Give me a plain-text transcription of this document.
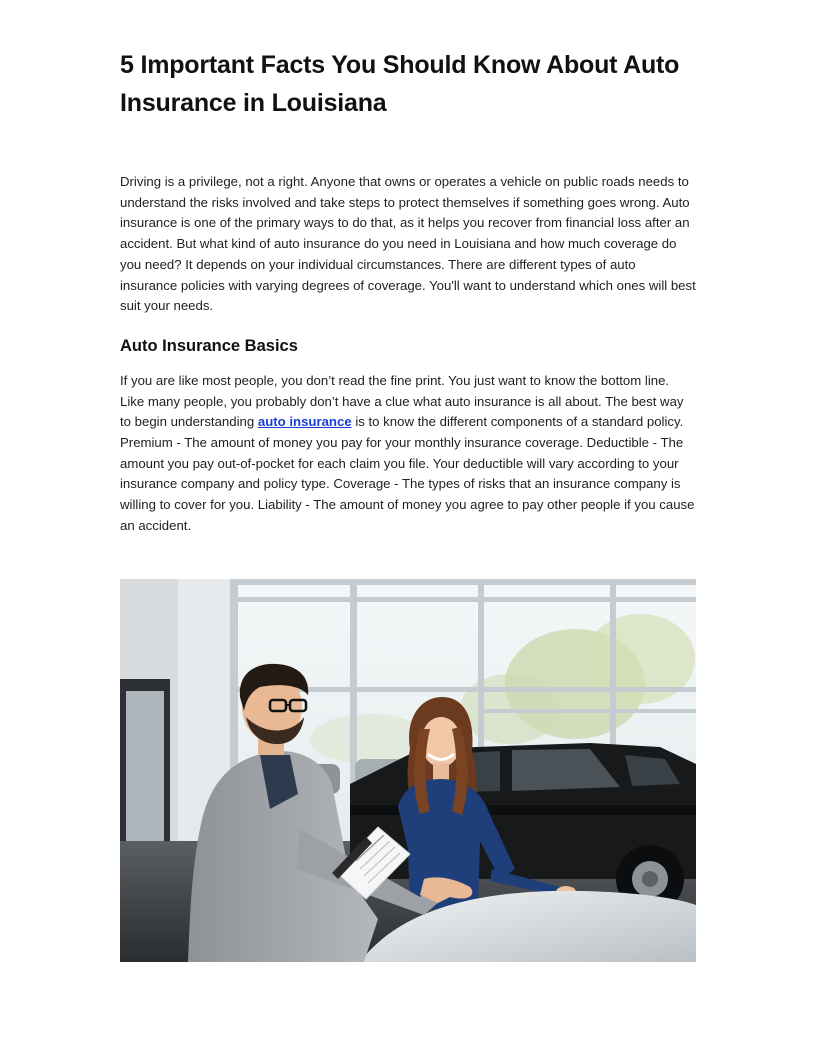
5 Important Facts You Should Know About Auto Insurance in Louisiana

Driving is a privilege, not a right. Anyone that owns or operates a vehicle on public roads needs to understand the risks involved and take steps to protect themselves if something goes wrong. Auto insurance is one of the primary ways to do that, as it helps you recover from financial loss after an accident. But what kind of auto insurance do you need in Louisiana and how much coverage do you need? It depends on your individual circumstances. There are different types of auto insurance policies with varying degrees of coverage. You'll want to understand which ones will best suit your needs.

Auto Insurance Basics

If you are like most people, you don’t read the fine print. You just want to know the bottom line. Like many people, you probably don’t have a clue what auto insurance is all about. The best way to begin understanding auto insurance is to know the different components of a standard policy. Premium - The amount of money you pay for your monthly insurance coverage. Deductible - The amount you pay out-of-pocket for each claim you file. Your deductible will vary according to your insurance company and policy type. Coverage - The types of risks that an insurance company is willing to cover for you. Liability - The amount of money you agree to pay other people if you cause an accident.
